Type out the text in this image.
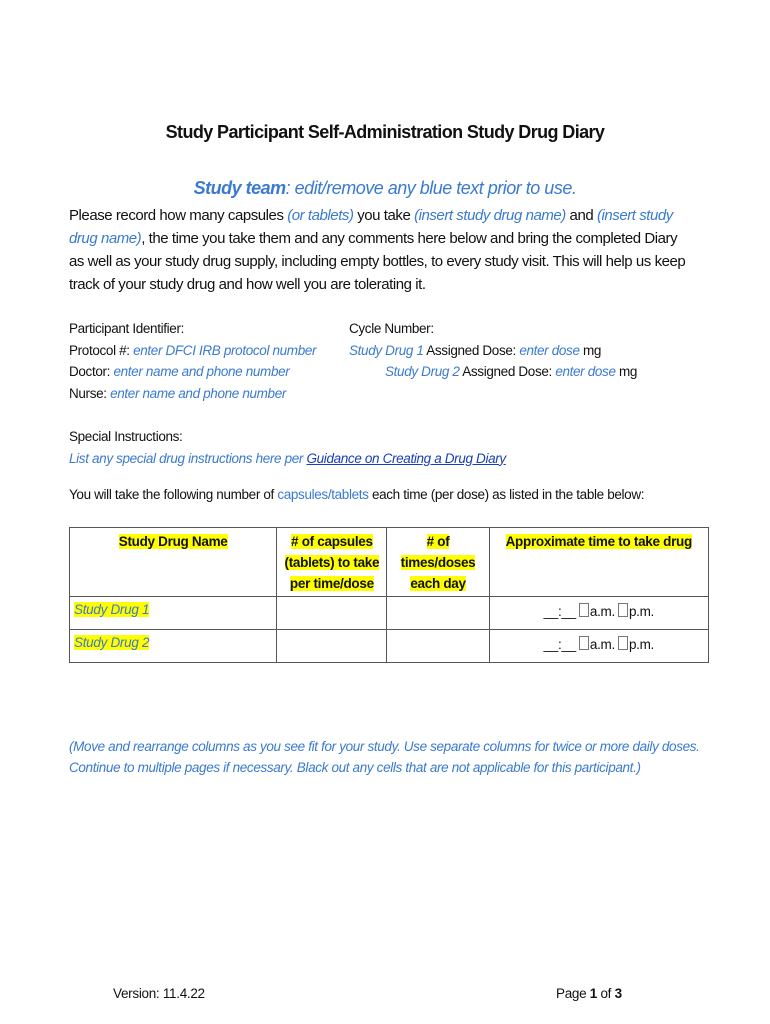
Study Participant Self-Administration Study Drug Diary
Study team: edit/remove any blue text prior to use.
Please record how many capsules (or tablets) you take (insert study drug name) and (insert study drug name), the time you take them and any comments here below and bring the completed Diary as well as your study drug supply, including empty bottles, to every study visit. This will help us keep track of your study drug and how well you are tolerating it.
Participant Identifier:
Protocol #: enter DFCI IRB protocol number
Doctor: enter name and phone number
Nurse: enter name and phone number
Cycle Number:
Study Drug 1 Assigned Dose: enter dose mg
Study Drug 2 Assigned Dose: enter dose mg
Special Instructions:
List any special drug instructions here per Guidance on Creating a Drug Diary
You will take the following number of capsules/tablets each time (per dose) as listed in the table below:
Study Drug Name	# of capsules (tablets) to take per time/dose	# of times/doses each day	Approximate time to take drug
Study Drug 1			__:__ a.m. p.m.
Study Drug 2			__:__ a.m. p.m.
(Move and rearrange columns as you see fit for your study. Use separate columns for twice or more daily doses. Continue to multiple pages if necessary. Black out any cells that are not applicable for this participant.)
Version: 11.4.22	Page 1 of 3
